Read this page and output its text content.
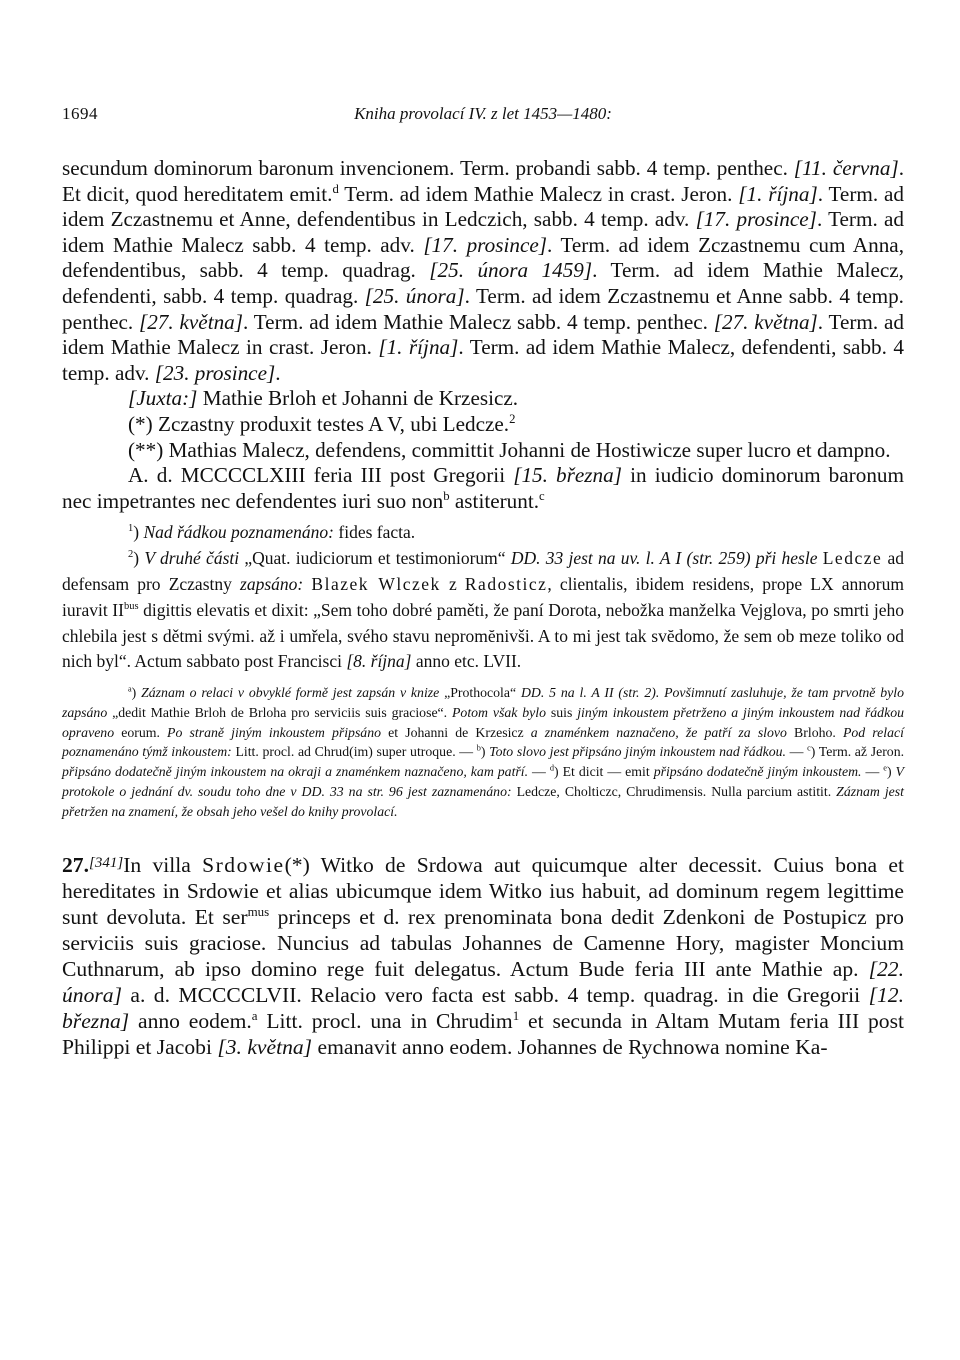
1694	Kniha provolací IV. z let 1453—1480:

secundum dominorum baronum invencionem. Term. probandi sabb. 4 temp. penthec. [11. června]. Et dicit, quod hereditatem emit.$^d$ Term. ad idem Mathie Malecz in crast. Jeron. [1. října]. Term. ad idem Zczastnemu et Anne, defendentibus in Ledczich, sabb. 4 temp. adv. [17. prosince]. Term. ad idem Mathie Malecz sabb. 4 temp. adv. [17. prosince]. Term. ad idem Zczastnemu cum Anna, defendentibus, sabb. 4 temp. quadrag. [25. února 1459]. Term. ad idem Mathie Malecz, defendenti, sabb. 4 temp. quadrag. [25. února]. Term. ad idem Zczastnemu et Anne sabb. 4 temp. penthec. [27. května]. Term. ad idem Mathie Malecz sabb. 4 temp. penthec. [27. května]. Term. ad idem Mathie Malecz in crast. Jeron. [1. října]. Term. ad idem Mathie Malecz, defendenti, sabb. 4 temp. adv. [23. prosince].

[Juxta:] Mathie Brloh et Johanni de Krzesicz.

(*) Zczastny produxit testes A V, ubi Ledcze.$^2$

(**) Mathias Malecz, defendens, committit Johanni de Hostiwicze super lucro et dampno.

A. d. MCCCCLXIII feria III post Gregorii [15. března] in iudicio dominorum baronum nec impetrantes nec defendentes iuri suo non$^b$ astiterunt.$^c$

$^1$) Nad řádkou poznamenáno: fides facta.

$^2$) V druhé části „Quat. iudiciorum et testimoniorum“ DD. 33 jest na uv. l. A I (str. 259) při hesle Ledcze ad defensam pro Zczastny zapsáno: Blazek Wlczek z Radosticz, clientalis, ibidem residens, prope LX annorum iuravit $II^{bus}$ digittis elevatis et dixit: „Sem toho dobré paměti, že paní Dorota, nebožka manželka Vejglova, po smrti jeho chlebila jest s dětmi svými. až i umřela, svého stavu nepromĕnivši. A to mi jest tak svĕdomo, že sem ob meze toliko od nich byl“. Actum sabbato post Francisci [8. října] anno etc. LVII.

$^a$) Záznam o relaci v obvyklé formě jest zapsán v knize „Prothocola“ DD. 5 na l. A II (str. 2). Povšimnutí zasluhuje, že tam prvotně bylo zapsáno „dedit Mathie Brloh de Brloha pro serviciis suis graciose“. Potom však bylo suis jiným inkoustem přetrženo a jiným inkoustem nad řádkou opraveno eorum. Po straně jiným inkoustem připsáno et Johanni de Krzesicz a znaménkem naznačeno, že patří za slovo Brloho. Pod relací poznamenáno týmž inkoustem: Litt. procl. ad Chrud(im) super utroque. — $^b$) Toto slovo jest připsáno jiným inkoustem nad řádkou. — $^c$) Term. až Jeron. připsáno dodatečně jiným inkoustem na okraji a znaménkem naznačeno, kam patří. — $^d$) Et dicit — emit připsáno dodatečně jiným inkoustem. — $^e$) V protokole o jednání dv. soudu toho dne v DD. 33 na str. 96 jest zaznamenáno: Ledcze, Cholticzc, Chrudimensis. Nulla parcium astitit. Záznam jest přetržen na znamení, že obsah jeho vešel do knihy provolací.

27.[341]In villa Srdowie(*) Witko de Srdowa aut quicumque alter decessit. Cuius bona et hereditates in Srdowie et alias ubicumque idem Witko ius habuit, ad dominum regem legittime sunt devoluta. Et ser$^{mus}$ princeps et d. rex prenominata bona dedit Zdenkoni de Postupicz pro serviciis suis graciose. Nuncius ad tabulas Johannes de Camenne Hory, magister Moncium Cuthnarum, ab ipso domino rege fuit delegatus. Actum Bude feria III ante Mathie ap. [22. února] a. d. MCCCCLVII. Relacio vero facta est sabb. 4 temp. quadrag. in die Gregorii [12. března] anno eodem.$^a$ Litt. procl. una in Chrudim$^1$ et secunda in Altam Mutam feria III post Philippi et Jacobi [3. května] emanavit anno eodem. Johannes de Rychnowa nomine Ka-
